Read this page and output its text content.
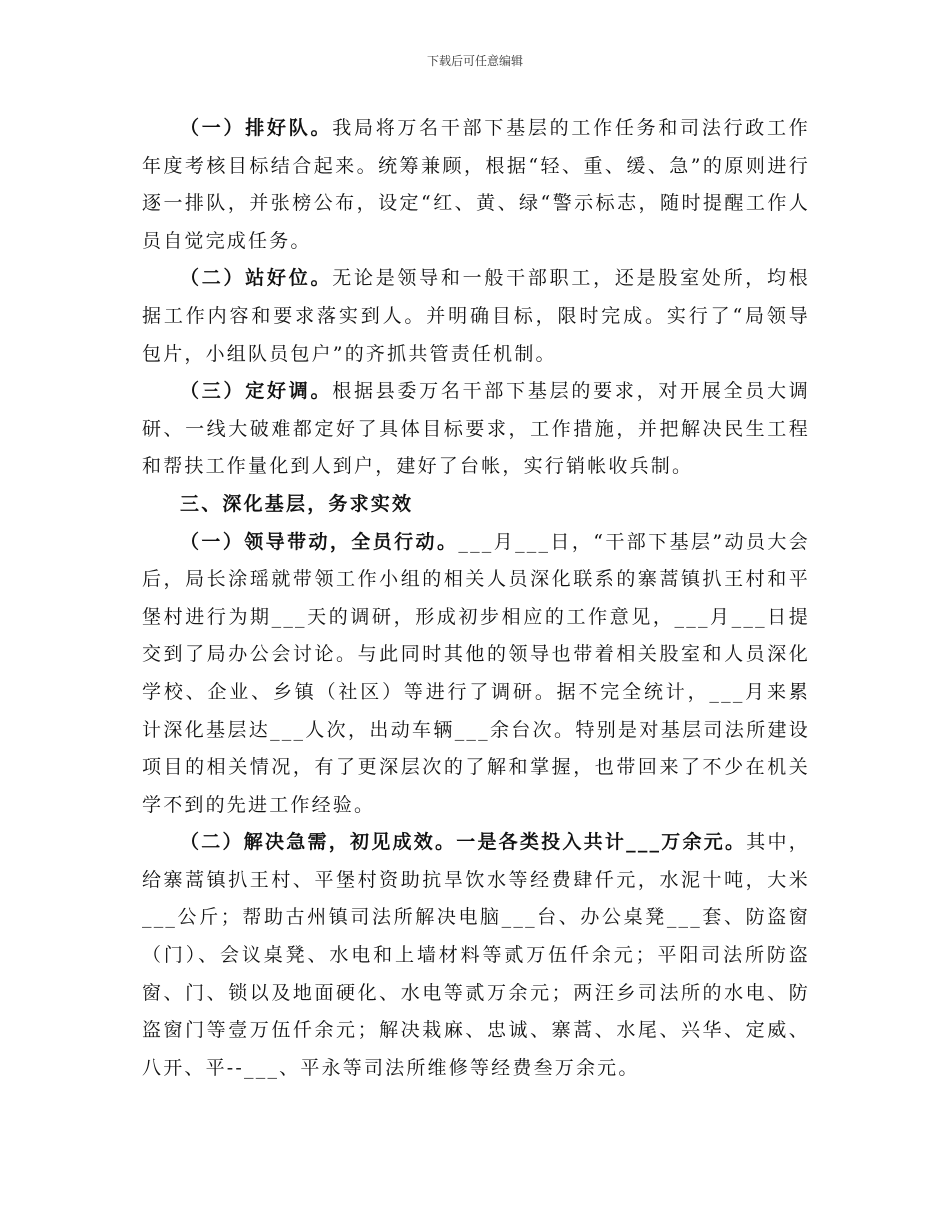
下载后可任意编辑

（一）排好队。我局将万名干部下基层的工作任务和司法行政工作年度考核目标结合起来。统筹兼顾，根据“轻、重、缓、急”的原则进行逐一排队，并张榜公布，设定“红、黄、绿“警示标志，随时提醒工作人员自觉完成任务。

（二）站好位。无论是领导和一般干部职工，还是股室处所，均根据工作内容和要求落实到人。并明确目标，限时完成。实行了“局领导包片，小组队员包户”的齐抓共管责任机制。

（三）定好调。根据县委万名干部下基层的要求，对开展全员大调研、一线大破难都定好了具体目标要求，工作措施，并把解决民生工程和帮扶工作量化到人到户，建好了台帐，实行销帐收兵制。

三、深化基层，务求实效

（一）领导带动，全员行动。___月___日，“干部下基层”动员大会后，局长涂瑶就带领工作小组的相关人员深化联系的寨蒿镇扒王村和平堡村进行为期___天的调研，形成初步相应的工作意见，___月___日提交到了局办公会讨论。与此同时其他的领导也带着相关股室和人员深化学校、企业、乡镇（社区）等进行了调研。据不完全统计，___月来累计深化基层达___人次，出动车辆___余台次。特别是对基层司法所建设项目的相关情况，有了更深层次的了解和掌握，也带回来了不少在机关学不到的先进工作经验。

（二）解决急需，初见成效。一是各类投入共计___万余元。其中，给寨蒿镇扒王村、平堡村资助抗旱饮水等经费肆仟元，水泥十吨，大米___公斤；帮助古州镇司法所解决电脑___台、办公桌凳___套、防盗窗（门）、会议桌凳、水电和上墙材料等贰万伍仟余元；平阳司法所防盗窗、门、锁以及地面硬化、水电等贰万余元；两汪乡司法所的水电、防盗窗门等壹万伍仟余元；解决栽麻、忠诚、寨蒿、水尾、兴华、定威、八开、平--___、平永等司法所维修等经费叁万余元。
